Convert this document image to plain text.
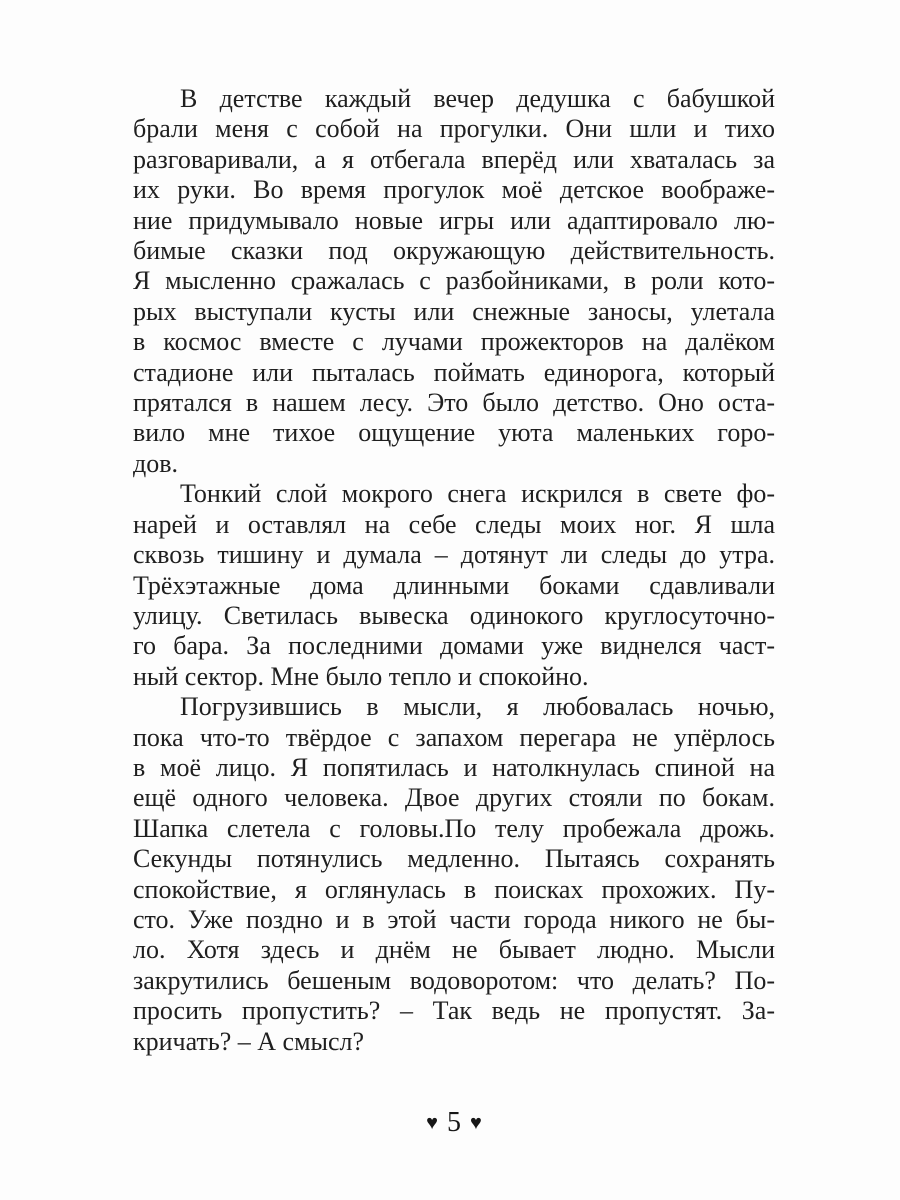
В детстве каждый вечер дедушка с бабушкой
брали меня с собой на прогулки. Они шли и тихо
разговаривали, а я отбегала вперёд или хваталась за
их руки. Во время прогулок моё детское воображе-
ние придумывало новые игры или адаптировало лю-
бимые сказки под окружающую действительность.
Я мысленно сражалась с разбойниками, в роли кото-
рых выступали кусты или снежные заносы, улетала
в космос вместе с лучами прожекторов на далёком
стадионе или пыталась поймать единорога, который
прятался в нашем лесу. Это было детство. Оно оста-
вило мне тихое ощущение уюта маленьких горо-
дов.
Тонкий слой мокрого снега искрился в свете фо-
нарей и оставлял на себе следы моих ног. Я шла
сквозь тишину и думала – дотянут ли следы до утра.
Трёхэтажные дома длинными боками сдавливали
улицу. Светилась вывеска одинокого круглосуточно-
го бара. За последними домами уже виднелся част-
ный сектор. Мне было тепло и спокойно.
Погрузившись в мысли, я любовалась ночью,
пока что-то твёрдое с запахом перегара не упёрлось
в моё лицо. Я попятилась и натолкнулась спиной на
ещё одного человека. Двое других стояли по бокам.
Шапка слетела с головы.По телу пробежала дрожь.
Секунды потянулись медленно. Пытаясь сохранять
спокойствие, я оглянулась в поисках прохожих. Пу-
сто. Уже поздно и в этой части города никого не бы-
ло. Хотя здесь и днём не бывает людно. Мысли
закрутились бешеным водоворотом: что делать? По-
просить пропустить? – Так ведь не пропустят. За-
кричать? – А смысл?
♥ 5 ♥
